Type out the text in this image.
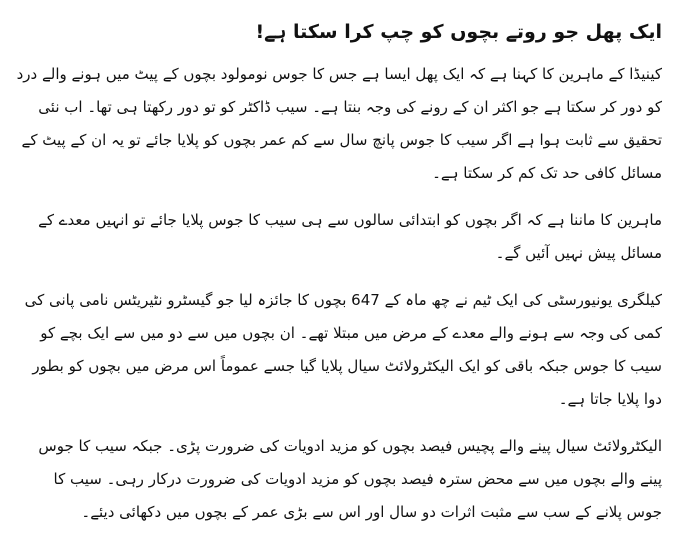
ایک پھل جو روتے بچوں کو چپ کرا سکتا ہے!

کینیڈا کے ماہرین کا کہنا ہے کہ ایک پھل ایسا ہے جس کا جوس نومولود بچوں کے پیٹ میں ہونے والے درد کو دور کر سکتا ہے جو اکثر ان کے رونے کی وجہ بنتا ہے۔ سیب ڈاکٹر کو تو دور رکھتا ہی تھا۔ اب نئی تحقیق سے ثابت ہوا ہے اگر سیب کا جوس پانچ سال سے کم عمر بچوں کو پلایا جائے تو یہ ان کے پیٹ کے مسائل کافی حد تک کم کر سکتا ہے۔

ماہرین کا ماننا ہے کہ اگر بچوں کو ابتدائی سالوں سے ہی سیب کا جوس پلایا جائے تو انہیں معدے کے مسائل پیش نہیں آئیں گے۔

کیلگری یونیورسٹی کی ایک ٹیم نے چھ ماہ کے 647 بچوں کا جائزہ لیا جو گیسٹرو نٹیریٹس نامی پانی کی کمی کی وجہ سے ہونے والے معدے کے مرض میں مبتلا تھے۔ ان بچوں میں سے دو میں سے ایک بچے کو سیب کا جوس جبکہ باقی کو ایک الیکٹرولائٹ سیال پلایا گیا جسے عموماً اس مرض میں بچوں کو بطور دوا پلایا جاتا ہے۔

الیکٹرولائٹ سیال پینے والے پچیس فیصد بچوں کو مزید ادویات کی ضرورت پڑی۔ جبکہ سیب کا جوس پینے والے بچوں میں سے محض سترہ فیصد بچوں کو مزید ادویات کی ضرورت درکار رہی۔ سیب کا جوس پلانے کے سب سے مثبت اثرات دو سال اور اس سے بڑی عمر کے بچوں میں دکھائی دیئے۔
